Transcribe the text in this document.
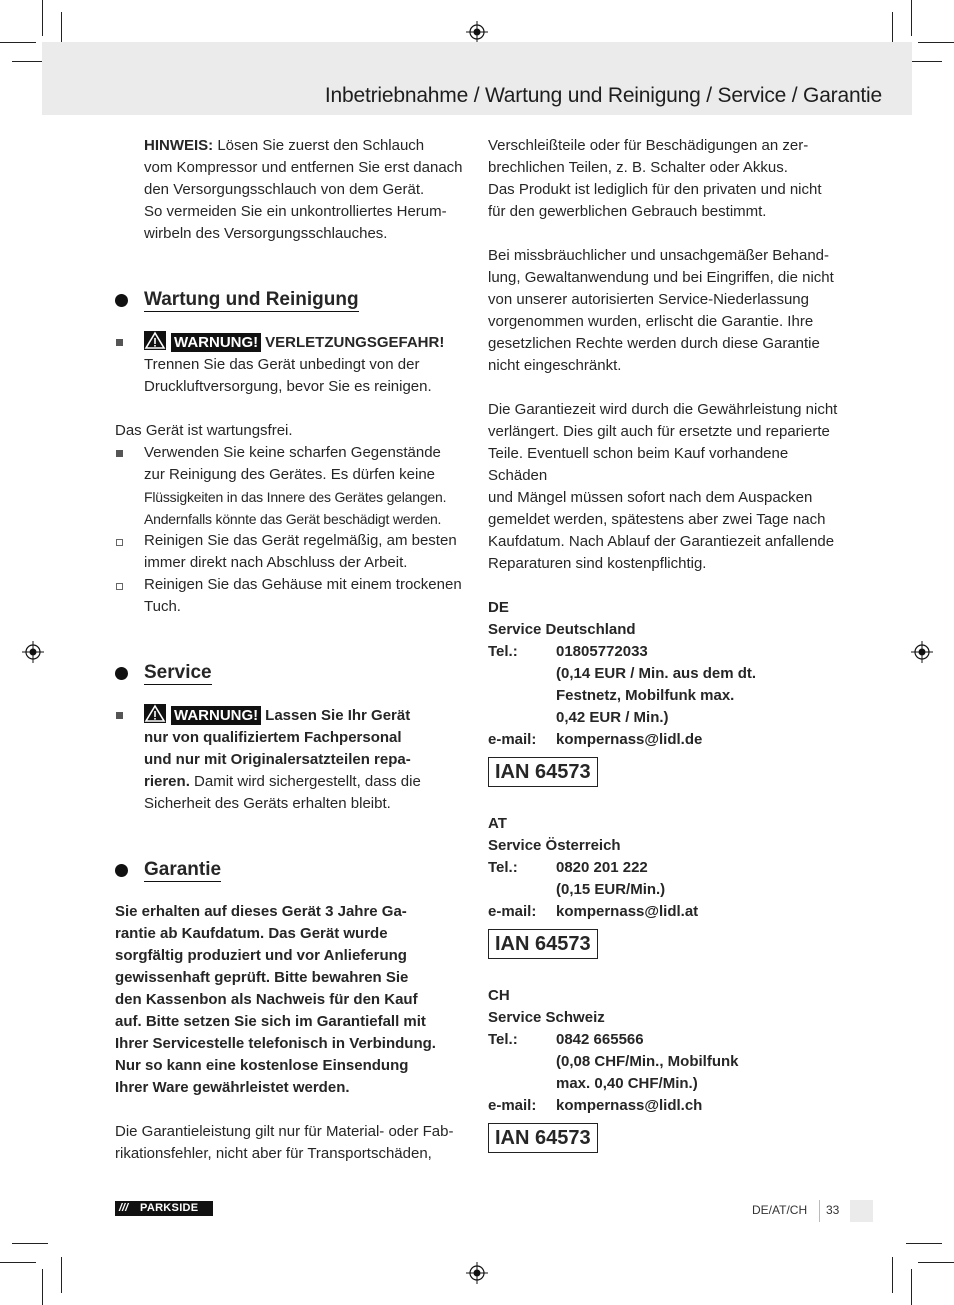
Inbetriebnahme / Wartung und Reinigung / Service / Garantie

HINWEIS: Lösen Sie zuerst den Schlauch

vom Kompressor und entfernen Sie erst danach

den Versorgungsschlauch von dem Gerät.

So vermeiden Sie ein unkontrolliertes Herum-

wirbeln des Versorgungsschlauches.

Wartung und Reinigung

WARNUNG! VERLETZUNGSGEFAHR!

Trennen Sie das Gerät unbedingt von der

Druckluftversorgung, bevor Sie es reinigen.

Das Gerät ist wartungsfrei.

Verwenden Sie keine scharfen Gegenstände

zur Reinigung des Gerätes. Es dürfen keine

Flüssigkeiten in das Innere des Gerätes gelangen.

Andernfalls könnte das Gerät beschädigt werden.

Reinigen Sie das Gerät regelmäßig, am besten

immer direkt nach Abschluss der Arbeit.

Reinigen Sie das Gehäuse mit einem trockenen

Tuch.

Service

WARNUNG! Lassen Sie Ihr Gerät

nur von qualifiziertem Fachpersonal

und nur mit Originalersatzteilen repa-

rieren. Damit wird sichergestellt, dass die

Sicherheit des Geräts erhalten bleibt.

Garantie

Sie erhalten auf dieses Gerät 3 Jahre Ga-

rantie ab Kaufdatum. Das Gerät wurde

sorgfältig produziert und vor Anlieferung

gewissenhaft geprüft. Bitte bewahren Sie

den Kassenbon als Nachweis für den Kauf

auf. Bitte setzen Sie sich im Garantiefall mit

Ihrer Servicestelle telefonisch in Verbindung.

Nur so kann eine kostenlose Einsendung

Ihrer Ware gewährleistet werden.

Die Garantieleistung gilt nur für Material- oder Fab-

rikationsfehler, nicht aber für Transportschäden,

Verschleißteile oder für Beschädigungen an zer-

brechlichen Teilen, z. B. Schalter oder Akkus.

Das Produkt ist lediglich für den privaten und nicht

für den gewerblichen Gebrauch bestimmt.

Bei missbräuchlicher und unsachgemäßer Behand-

lung, Gewaltanwendung und bei Eingriffen, die nicht

von unserer autorisierten Service-Niederlassung

vorgenommen wurden, erlischt die Garantie. Ihre

gesetzlichen Rechte werden durch diese Garantie

nicht eingeschränkt.

Die Garantiezeit wird durch die Gewährleistung nicht

verlängert. Dies gilt auch für ersetzte und reparierte

Teile. Eventuell schon beim Kauf vorhandene Schäden

und Mängel müssen sofort nach dem Auspacken

gemeldet werden, spätestens aber zwei Tage nach

Kaufdatum. Nach Ablauf der Garantiezeit anfallende

Reparaturen sind kostenpflichtig.

DE

Service Deutschland

Tel.:	01805772033
(0,14 EUR / Min. aus dem dt.
Festnetz, Mobilfunk max.
0,42 EUR / Min.)
e-mail:	kompernass@lidl.de
IAN 64573

AT

Service Österreich

Tel.:	0820 201 222
(0,15 EUR/Min.)
e-mail:	kompernass@lidl.at
IAN 64573

CH

Service Schweiz

Tel.:	0842 665566
(0,08 CHF/Min., Mobilfunk
max. 0,40 CHF/Min.)
e-mail:	kompernass@lidl.ch
IAN 64573
/// PARKSIDE	DE/AT/CH 33
